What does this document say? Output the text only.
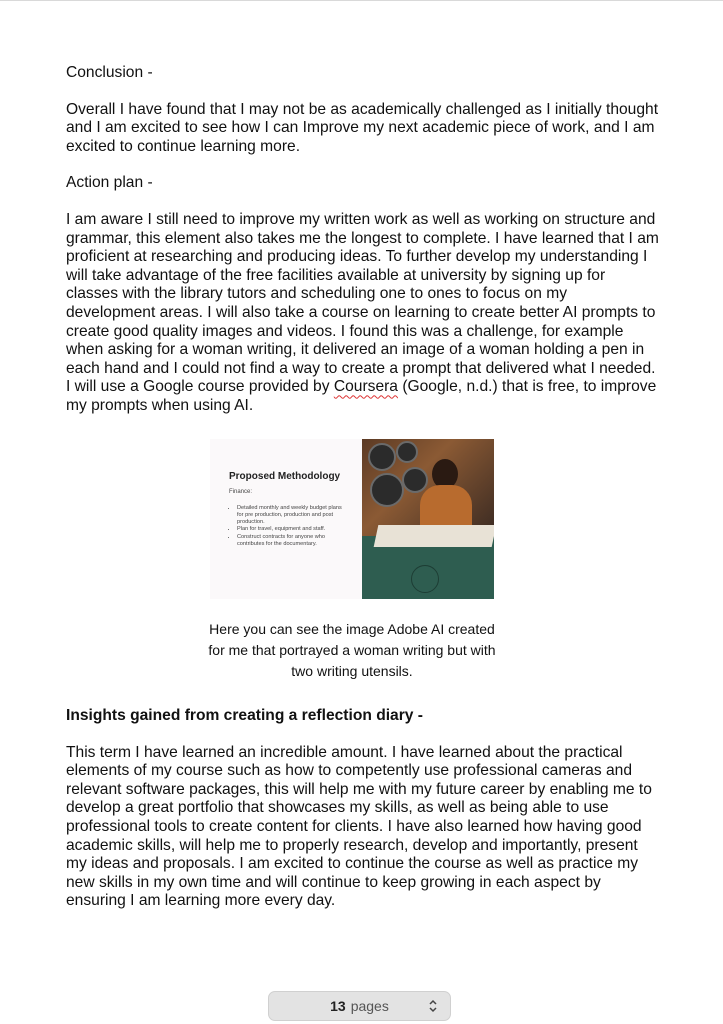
Conclusion -

Overall I have found that I may not be as academically challenged as I initially thought and I am excited to see how I can Improve my next academic piece of work, and I am excited to continue learning more.

Action plan -

I am aware I still need to improve my written work as well as working on structure and grammar, this element also takes me the longest to complete. I have learned that I am proficient at researching and producing ideas. To further develop my understanding I will take advantage of the free facilities available at university by signing up for classes with the library tutors and scheduling one to ones to focus on my development areas. I will also take a course on learning to create better AI prompts to create good quality images and videos. I found this was a challenge, for example when asking for a woman writing, it delivered an image of a woman holding a pen in each hand and I could not find a way to create a prompt that delivered what I needed. I will use a Google course provided by Coursera (Google, n.d.) that is free, to improve my prompts when using AI.

Proposed Methodology
Finance:
• Detailed monthly and weekly budget plans for pre production, production and post production.
• Plan for travel, equipment and staff.
• Construct contracts for anyone who contributes for the documentary.
Here you can see the image Adobe AI created for me that portrayed a woman writing but with two writing utensils.

Insights gained from creating a reflection diary -

This term I have learned an incredible amount. I have learned about the practical elements of my course such as how to competently use professional cameras and relevant software packages, this will help me with my future career by enabling me to develop a great portfolio that showcases my skills, as well as being able to use professional tools to create content for clients. I have also learned how having good academic skills, will help me to properly research, develop and importantly, present my ideas and proposals. I am excited to continue the course as well as practice my new skills in my own time and will continue to keep growing in each aspect by ensuring I am learning more every day.

13 pages
